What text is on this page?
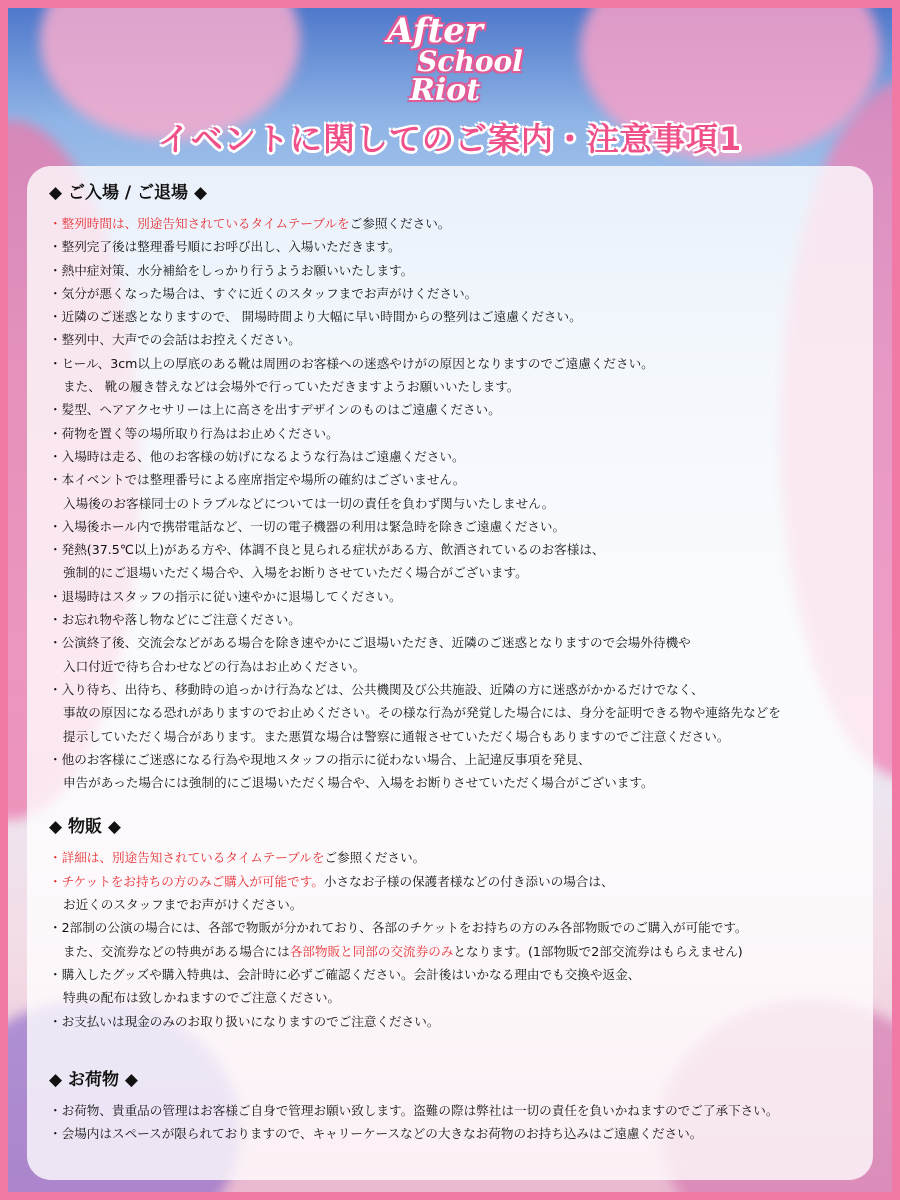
After
School
Riot
イベントに関してのご案内・注意事項1
◆ ご入場 / ご退場 ◆
・整列時間は、別途告知されているタイムテーブルをご参照ください。
・整列完了後は整理番号順にお呼び出し、入場いただきます。
・熱中症対策、水分補給をしっかり行うようお願いいたします。
・気分が悪くなった場合は、すぐに近くのスタッフまでお声がけください。
・近隣のご迷惑となりますので、 開場時間より大幅に早い時間からの整列はご遠慮ください。
・整列中、大声での会話はお控えください。
・ヒール、3cm以上の厚底のある靴は周囲のお客様への迷惑やけがの原因となりますのでご遠慮ください。
また、 靴の履き替えなどは会場外で行っていただきますようお願いいたします。
・髪型、ヘアアクセサリーは上に高さを出すデザインのものはご遠慮ください。
・荷物を置く等の場所取り行為はお止めください。
・入場時は走る、他のお客様の妨げになるような行為はご遠慮ください。
・本イベントでは整理番号による座席指定や場所の確約はございません。
入場後のお客様同士のトラブルなどについては一切の責任を負わず関与いたしません。
・入場後ホール内で携帯電話など、一切の電子機器の利用は緊急時を除きご遠慮ください。
・発熱(37.5℃以上)がある方や、体調不良と見られる症状がある方、飲酒されているのお客様は、
強制的にご退場いただく場合や、入場をお断りさせていただく場合がございます。
・退場時はスタッフの指示に従い速やかに退場してください。
・お忘れ物や落し物などにご注意ください。
・公演終了後、交流会などがある場合を除き速やかにご退場いただき、近隣のご迷惑となりますので会場外待機や
入口付近で待ち合わせなどの行為はお止めください。
・入り待ち、出待ち、移動時の追っかけ行為などは、公共機関及び公共施設、近隣の方に迷惑がかかるだけでなく、
事故の原因になる恐れがありますのでお止めください。その様な行為が発覚した場合には、身分を証明できる物や連絡先などを
提示していただく場合があります。また悪質な場合は警察に通報させていただく場合もありますのでご注意ください。
・他のお客様にご迷惑になる行為や現地スタッフの指示に従わない場合、上記違反事項を発見、
申告があった場合には強制的にご退場いただく場合や、入場をお断りさせていただく場合がございます。
◆ 物販 ◆
・詳細は、別途告知されているタイムテーブルをご参照ください。
・チケットをお持ちの方のみご購入が可能です。小さなお子様の保護者様などの付き添いの場合は、
お近くのスタッフまでお声がけください。
・2部制の公演の場合には、各部で物販が分かれており、各部のチケットをお持ちの方のみ各部物販でのご購入が可能です。
また、交流券などの特典がある場合には各部物販と同部の交流券のみとなります。(1部物販で2部交流券はもらえません)
・購入したグッズや購入特典は、会計時に必ずご確認ください。会計後はいかなる理由でも交換や返金、
特典の配布は致しかねますのでご注意ください。
・お支払いは現金のみのお取り扱いになりますのでご注意ください。
◆ お荷物 ◆
・お荷物、貴重品の管理はお客様ご自身で管理お願い致します。盗難の際は弊社は一切の責任を負いかねますのでご了承下さい。
・会場内はスペースが限られておりますので、キャリーケースなどの大きなお荷物のお持ち込みはご遠慮ください。
